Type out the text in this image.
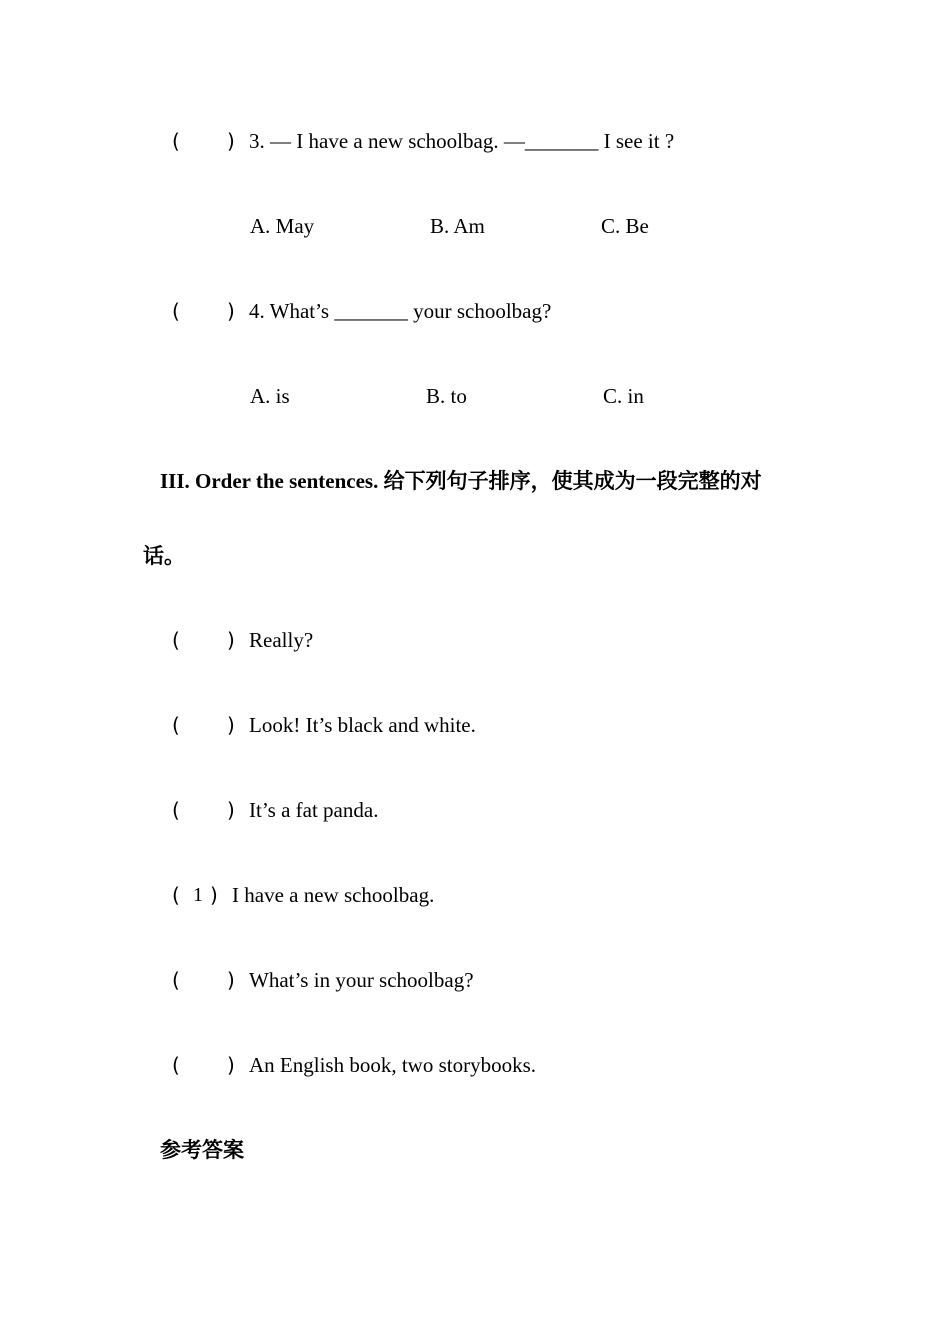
( ) 3. — I have a new schoolbag. —_______ I see it ?
A. May	B. Am	C. Be
( ) 4. What’s _______ your schoolbag?
A. is	B. to	C. in
III. Order the sentences. 给下列句子排序，使其成为一段完整的对
话。
( ) Really?
( ) Look! It’s black and white.
( ) It’s a fat panda.
( 1 ) I have a new schoolbag.
( ) What’s in your schoolbag?
( ) An English book, two storybooks.
参考答案
